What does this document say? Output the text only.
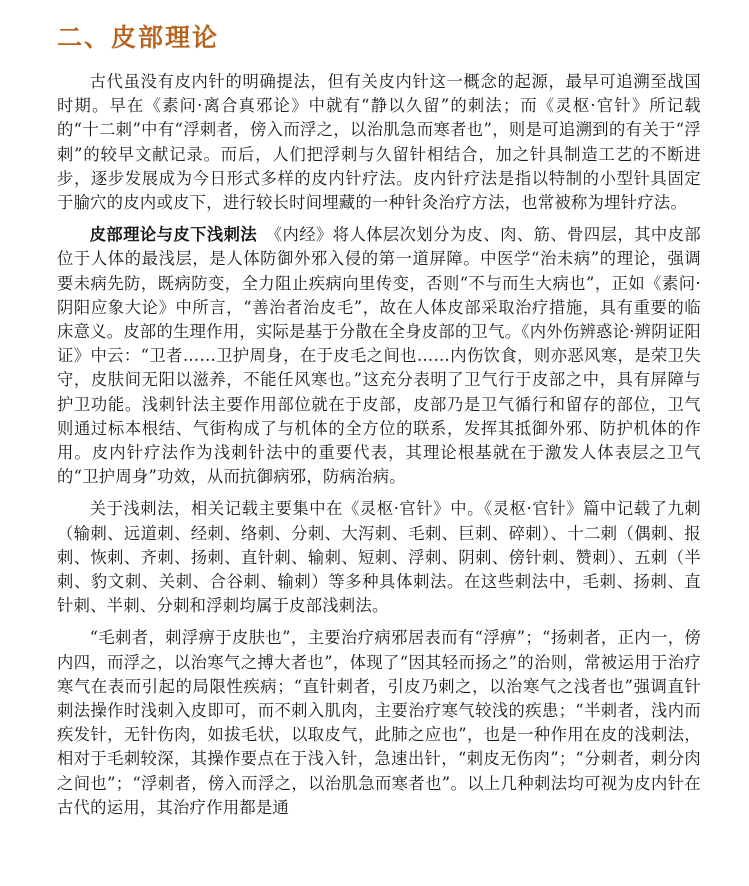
二、皮部理论

古代虽没有皮内针的明确提法，但有关皮内针这一概念的起源，最早可追溯至战国时期。早在《素问·离合真邪论》中就有“静以久留”的刺法；而《灵枢·官针》所记载的“十二刺”中有“浮刺者，傍入而浮之，以治肌急而寒者也”，则是可追溯到的有关于“浮刺”的较早文献记录。而后，人们把浮刺与久留针相结合，加之针具制造工艺的不断进步，逐步发展成为今日形式多样的皮内针疗法。皮内针疗法是指以特制的小型针具固定于腧穴的皮内或皮下，进行较长时间埋藏的一种针灸治疗方法，也常被称为埋针疗法。

皮部理论与皮下浅刺法　《内经》将人体层次划分为皮、肉、筋、骨四层，其中皮部位于人体的最浅层，是人体防御外邪入侵的第一道屏障。中医学“治未病”的理论，强调要未病先防，既病防变，全力阻止疾病向里传变，否则“不与而生大病也”，正如《素问·阴阳应象大论》中所言，“善治者治皮毛”，故在人体皮部采取治疗措施，具有重要的临床意义。皮部的生理作用，实际是基于分散在全身皮部的卫气。《内外伤辨惑论·辨阴证阳证》中云：“卫者……卫护周身，在于皮毛之间也……内伤饮食，则亦恶风寒，是荣卫失守，皮肤间无阳以滋养，不能任风寒也。”这充分表明了卫气行于皮部之中，具有屏障与护卫功能。浅刺针法主要作用部位就在于皮部，皮部乃是卫气循行和留存的部位，卫气则通过标本根结、气街构成了与机体的全方位的联系，发挥其抵御外邪、防护机体的作用。皮内针疗法作为浅刺针法中的重要代表，其理论根基就在于激发人体表层之卫气的“卫护周身”功效，从而抗御病邪，防病治病。

关于浅刺法，相关记载主要集中在《灵枢·官针》中。《灵枢·官针》篇中记载了九刺（输刺、远道刺、经刺、络刺、分刺、大泻刺、毛刺、巨刺、碎刺）、十二刺（偶刺、报刺、恢刺、齐刺、扬刺、直针刺、输刺、短刺、浮刺、阴刺、傍针刺、赞刺）、五刺（半刺、豹文刺、关刺、合谷刺、输刺）等多种具体刺法。在这些刺法中，毛刺、扬刺、直针刺、半刺、分刺和浮刺均属于皮部浅刺法。

“毛刺者，刺浮痹于皮肤也”，主要治疗病邪居表而有“浮痹”；“扬刺者，正内一，傍内四，而浮之，以治寒气之搏大者也”，体现了“因其轻而扬之”的治则，常被运用于治疗寒气在表而引起的局限性疾病；“直针刺者，引皮乃刺之，以治寒气之浅者也”强调直针刺法操作时浅刺入皮即可，而不刺入肌肉，主要治疗寒气较浅的疾患；“半刺者，浅内而疾发针，无针伤肉，如拔毛状，以取皮气，此肺之应也”，也是一种作用在皮的浅刺法，相对于毛刺较深，其操作要点在于浅入针，急速出针，“刺皮无伤肉”；“分刺者，刺分肉之间也”；“浮刺者，傍入而浮之，以治肌急而寒者也”。以上几种刺法均可视为皮内针在古代的运用，其治疗作用都是通
